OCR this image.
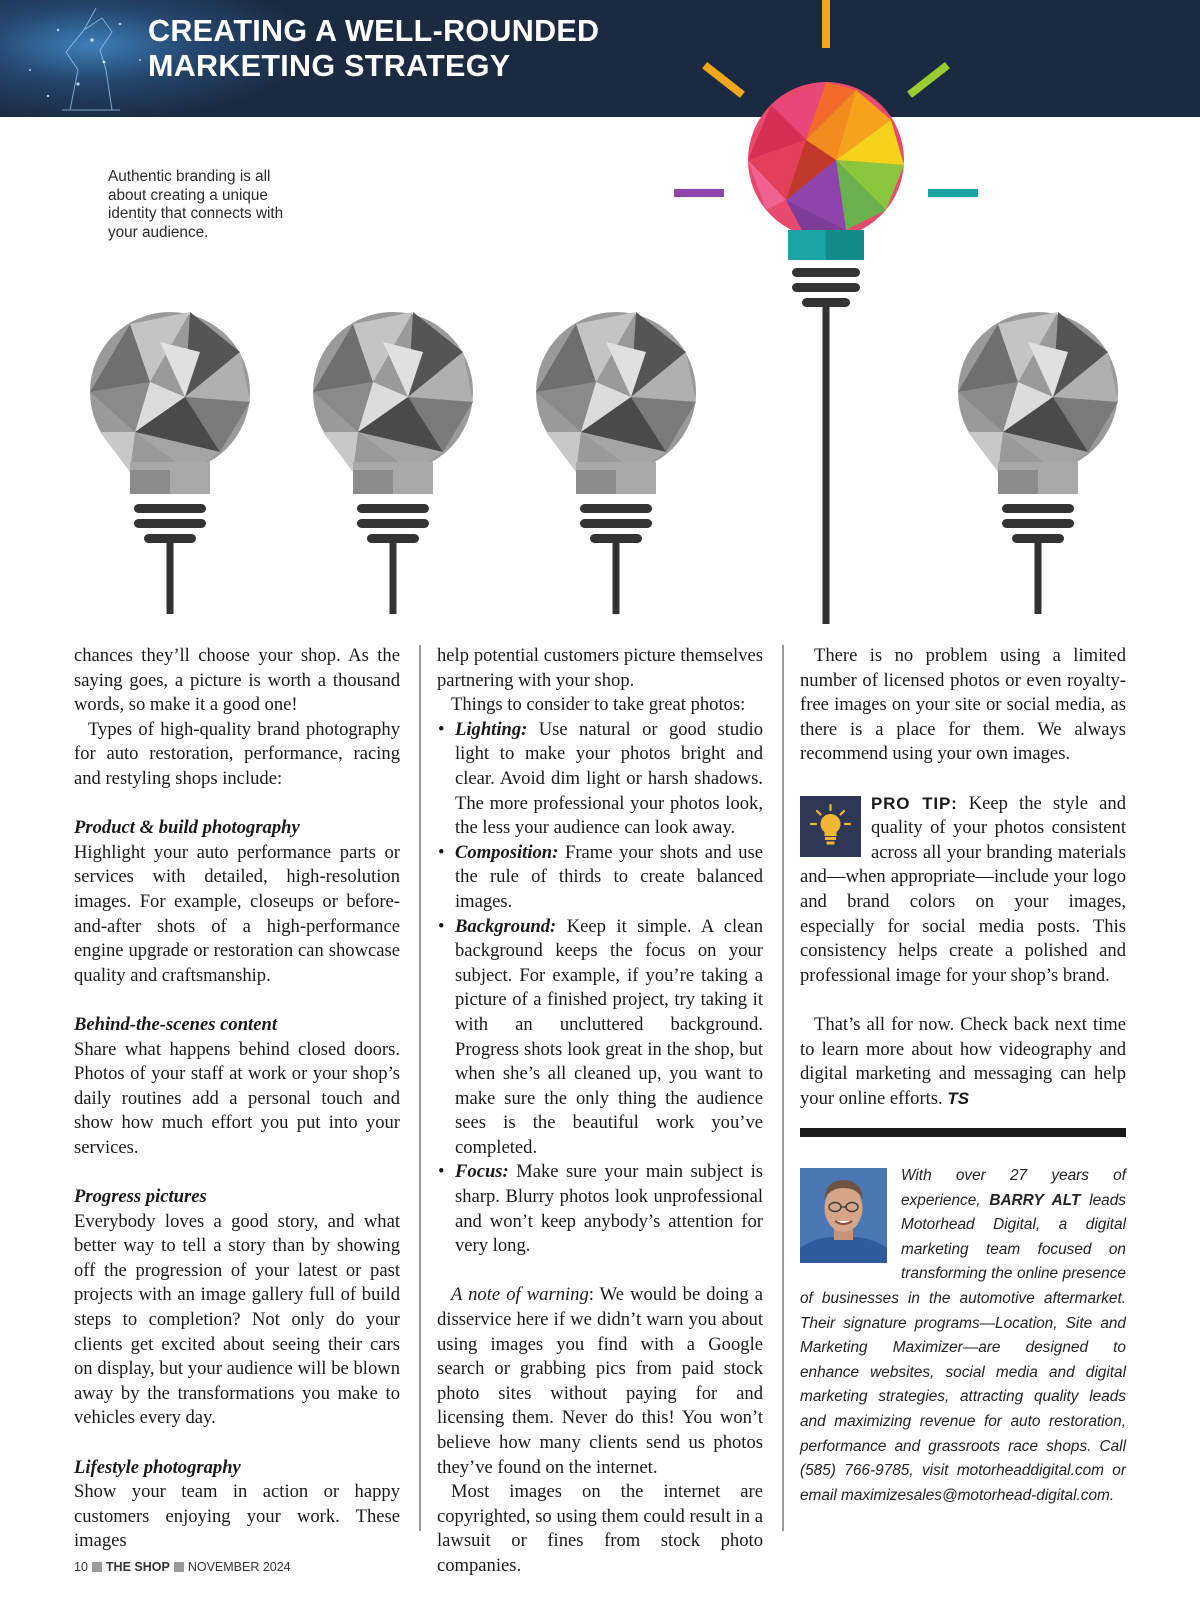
CREATING A WELL-ROUNDED
MARKETING STRATEGY
Authentic branding is all about creating a unique identity that connects with your audience.

chances they’ll choose your shop. As the saying goes, a picture is worth a thousand words, so make it a good one!

Types of high-quality brand photography for auto restoration, performance, racing and restyling shops include:

Product & build photography

Highlight your auto performance parts or services with detailed, high-resolution images. For example, closeups or before-and-after shots of a high-performance engine upgrade or restoration can showcase quality and craftsmanship.

Behind-the-scenes content

Share what happens behind closed doors. Photos of your staff at work or your shop’s daily routines add a personal touch and show how much effort you put into your services.

Progress pictures

Everybody loves a good story, and what better way to tell a story than by showing off the progression of your latest or past projects with an image gallery full of build steps to completion? Not only do your clients get excited about seeing their cars on display, but your audience will be blown away by the transformations you make to vehicles every day.

Lifestyle photography

Show your team in action or happy customers enjoying your work. These images

help potential customers picture themselves partnering with your shop.

Things to consider to take great photos:

• Lighting: Use natural or good studio light to make your photos bright and clear. Avoid dim light or harsh shadows. The more professional your photos look, the less your audience can look away.
• Composition: Frame your shots and use the rule of thirds to create balanced images.
• Background: Keep it simple. A clean background keeps the focus on your subject. For example, if you’re taking a picture of a finished project, try taking it with an uncluttered background. Progress shots look great in the shop, but when she’s all cleaned up, you want to make sure the only thing the audience sees is the beautiful work you’ve completed.
• Focus: Make sure your main subject is sharp. Blurry photos look unprofessional and won’t keep anybody’s attention for very long.

A note of warning: We would be doing a disservice here if we didn’t warn you about using images you find with a Google search or grabbing pics from paid stock photo sites without paying for and licensing them. Never do this! You won’t believe how many clients send us photos they’ve found on the internet.

Most images on the internet are copyrighted, so using them could result in a lawsuit or fines from stock photo companies.

There is no problem using a limited number of licensed photos or even royalty-free images on your site or social media, as there is a place for them. We always recommend using your own images.

PRO TIP: Keep the style and quality of your photos consistent across all your branding materials and—when appropriate—include your logo and brand colors on your images, especially for social media posts. This consistency helps create a polished and professional image for your shop’s brand.

That’s all for now. Check back next time to learn more about how videography and digital marketing and messaging can help your online efforts. TS

With over 27 years of experience, BARRY ALT leads Motorhead Digital, a digital marketing team focused on transforming the online presence of businesses in the automotive aftermarket. Their signature programs—Location, Site and Marketing Maximizer—are designed to enhance websites, social media and digital marketing strategies, attracting quality leads and maximizing revenue for auto restoration, performance and grassroots race shops. Call (585) 766-9785, visit motorheaddigital.com or email maximizesales@motorhead-digital.com.
10 THE SHOP NOVEMBER 2024
